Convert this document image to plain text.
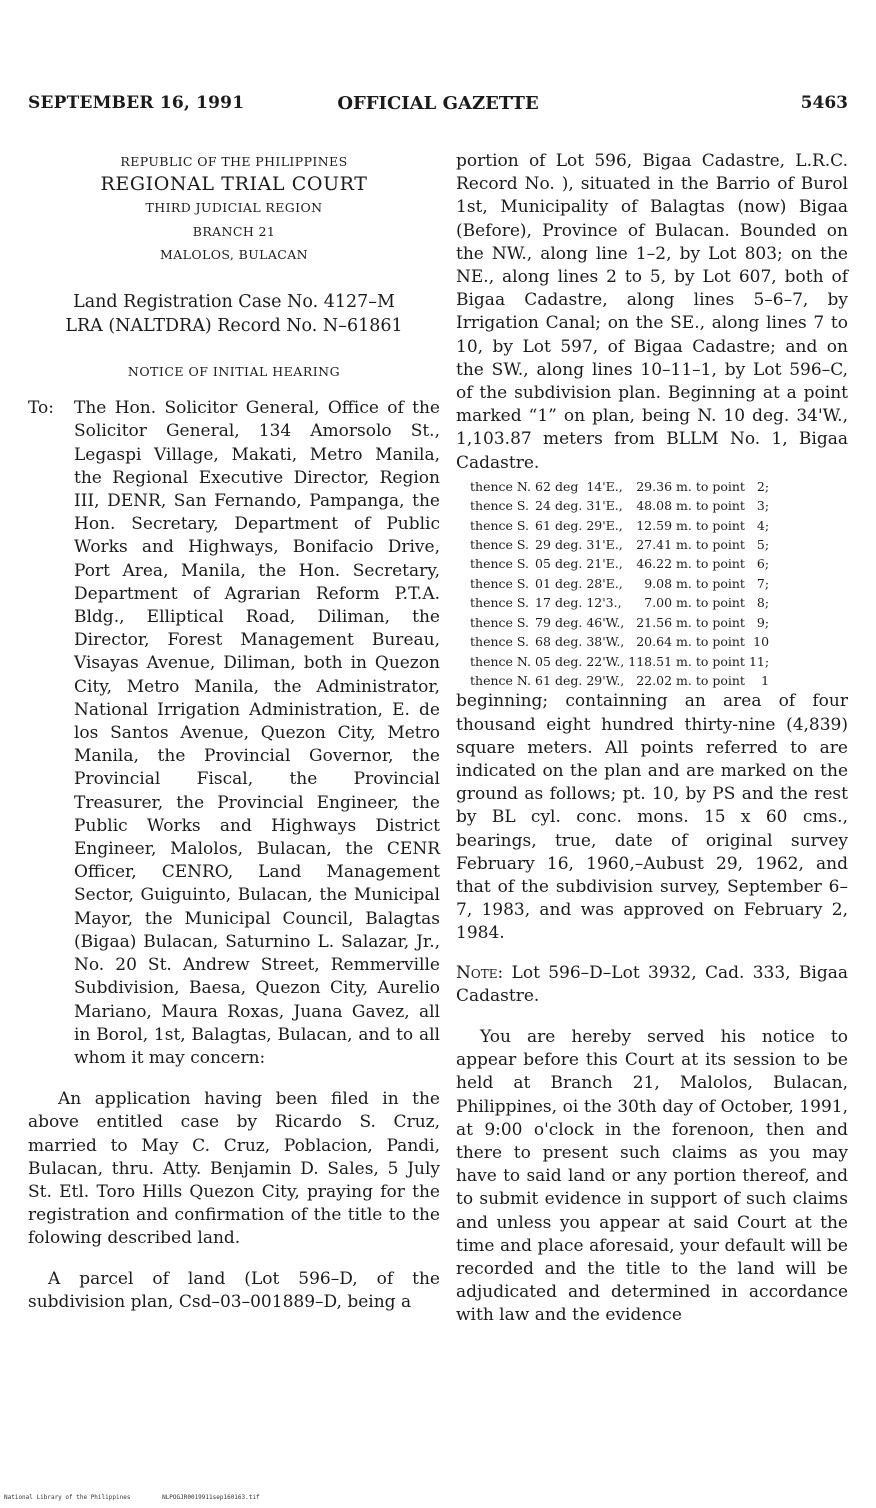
SEPTEMBER 16, 1991	OFFICIAL GAZETTE	5463
REPUBLIC OF THE PHILIPPINES
REGIONAL TRIAL COURT
THIRD JUDICIAL REGION
BRANCH 21
MALOLOS, BULACAN
Land Registration Case No. 4127–M
LRA (NALTDRA) Record No. N–61861
NOTICE OF INITIAL HEARING
To:	The Hon. Solicitor General, Office of the Solicitor General, 134 Amorsolo St., Legaspi Village, Makati, Metro Manila, the Regional Executive Director, Region III, DENR, San Fernando, Pampanga, the Hon. Secretary, Department of Public Works and Highways, Bonifacio Drive, Port Area, Manila, the Hon. Secretary, Department of Agrarian Reform P.T.A. Bldg., Elliptical Road, Diliman, the Director, Forest Management Bureau, Visayas Avenue, Diliman, both in Quezon City, Metro Manila, the Administrator, National Irrigation Administration, E. de los Santos Avenue, Quezon City, Metro Manila, the Provincial Governor, the Provincial Fiscal, the Provincial Treasurer, the Provincial Engineer, the Public Works and Highways District Engineer, Malolos, Bulacan, the CENR Officer, CENRO, Land Management Sector, Guiguinto, Bulacan, the Municipal Mayor, the Municipal Council, Balagtas (Bigaa) Bulacan, Saturnino L. Salazar, Jr., No. 20 St. Andrew Street, Remmerville Subdivision, Baesa, Quezon City, Aurelio Mariano, Maura Roxas, Juana Gavez, all in Borol, 1st, Balagtas, Bulacan, and to all whom it may concern:

An application having been filed in the above entitled case by Ricardo S. Cruz, married to May C. Cruz, Poblacion, Pandi, Bulacan, thru. Atty. Benjamin D. Sales, 5 July St. Etl. Toro Hills Quezon City, praying for the registration and confirmation of the title to the folowing described land.

A parcel of land (Lot 596–D, of the subdivision plan, Csd–03–001889–D, being a

portion of Lot 596, Bigaa Cadastre, L.R.C. Record No. ), situated in the Barrio of Burol 1st, Municipality of Balagtas (now) Bigaa (Before), Province of Bulacan. Bounded on the NW., along line 1–2, by Lot 803; on the NE., along lines 2 to 5, by Lot 607, both of Bigaa Cadastre, along lines 5–6–7, by Irrigation Canal; on the SE., along lines 7 to 10, by Lot 597, of Bigaa Cadastre; and on the SW., along lines 10–11–1, by Lot 596–C, of the subdivision plan. Beginning at a point marked “1” on plan, being N. 10 deg. 34'W., 1,103.87 meters from BLLM No. 1, Bigaa Cadastre.

thence	N.	62	deg	14'E.,	29.36	m. to point	2;
thence	S.	24	deg.	31'E.,	48.08	m. to point	3;
thence	S.	61	deg.	29'E.,	12.59	m. to point	4;
thence	S.	29	deg.	31'E.,	27.41	m. to point	5;
thence	S.	05	deg.	21'E.,	46.22	m. to point	6;
thence	S.	01	deg.	28'E.,	9.08	m. to point	7;
thence	S.	17	deg.	12'3.,	7.00	m. to point	8;
thence	S.	79	deg.	46'W.,	21.56	m. to point	9;
thence	S.	68	deg.	38'W.,	20.64	m. to point	10
thence	N.	05	deg.	22'W.,	118.51	m. to point	11;
thence	N.	61	deg.	29'W.,	22.02	m. to point	1

beginning; containning an area of four thousand eight hundred thirty-nine (4,839) square meters. All points referred to are indicated on the plan and are marked on the ground as follows; pt. 10, by PS and the rest by BL cyl. conc. mons. 15 x 60 cms., bearings, true, date of original survey February 16, 1960,–Aubust 29, 1962, and that of the subdivision survey, September 6–7, 1983, and was approved on February 2, 1984.

Note: Lot 596–D–Lot 3932, Cad. 333, Bigaa Cadastre.

You are hereby served his notice to appear before this Court at its session to be held at Branch 21, Malolos, Bulacan, Philippines, oi the 30th day of October, 1991, at 9:00 o'clock in the forenoon, then and there to present such claims as you may have to said land or any portion thereof, and to submit evidence in support of such claims and unless you appear at said Court at the time and place aforesaid, your default will be recorded and the title to the land will be adjudicated and determined in accordance with law and the evidence

National Library of the Philippines	NLPOGJR0019911sep160163.tif
